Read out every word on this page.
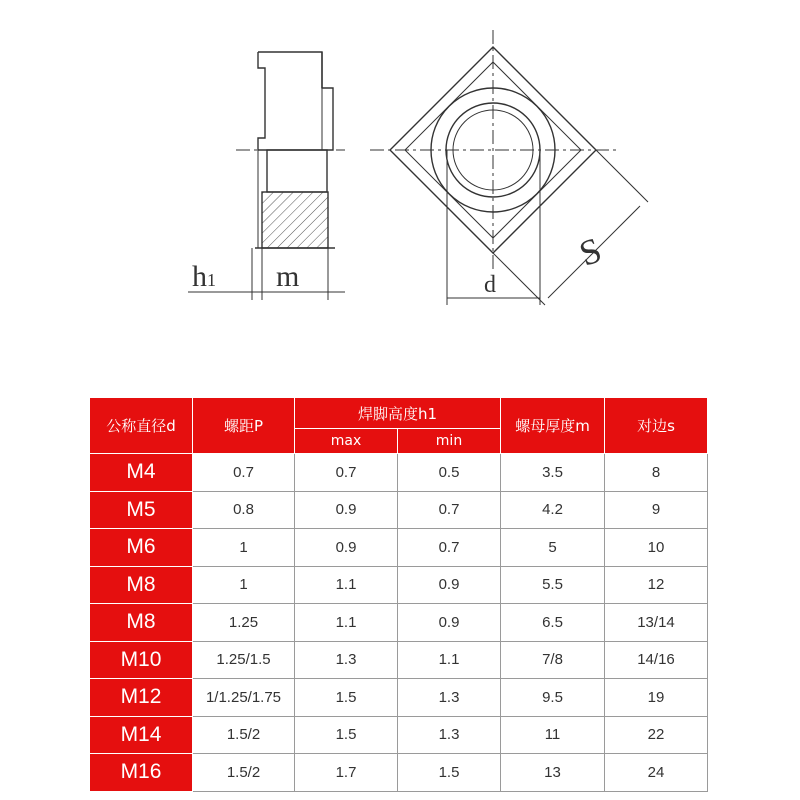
h1 m	d
S
公称直径d	螺距P	焊脚高度h1		螺母厚度m	对边s
		max	min		
M4	0.7	0.7	0.5	3.5	8
M5	0.8	0.9	0.7	4.2	9
M6	1	0.9	0.7	5	10
M8	1	1.1	0.9	5.5	12
M8	1.25	1.1	0.9	6.5	13/14
M10	1.25/1.5	1.3	1.1	7/8	14/16
M12	1/1.25/1.75	1.5	1.3	9.5	19
M14	1.5/2	1.5	1.3	11	22
M16	1.5/2	1.7	1.5	13	24
